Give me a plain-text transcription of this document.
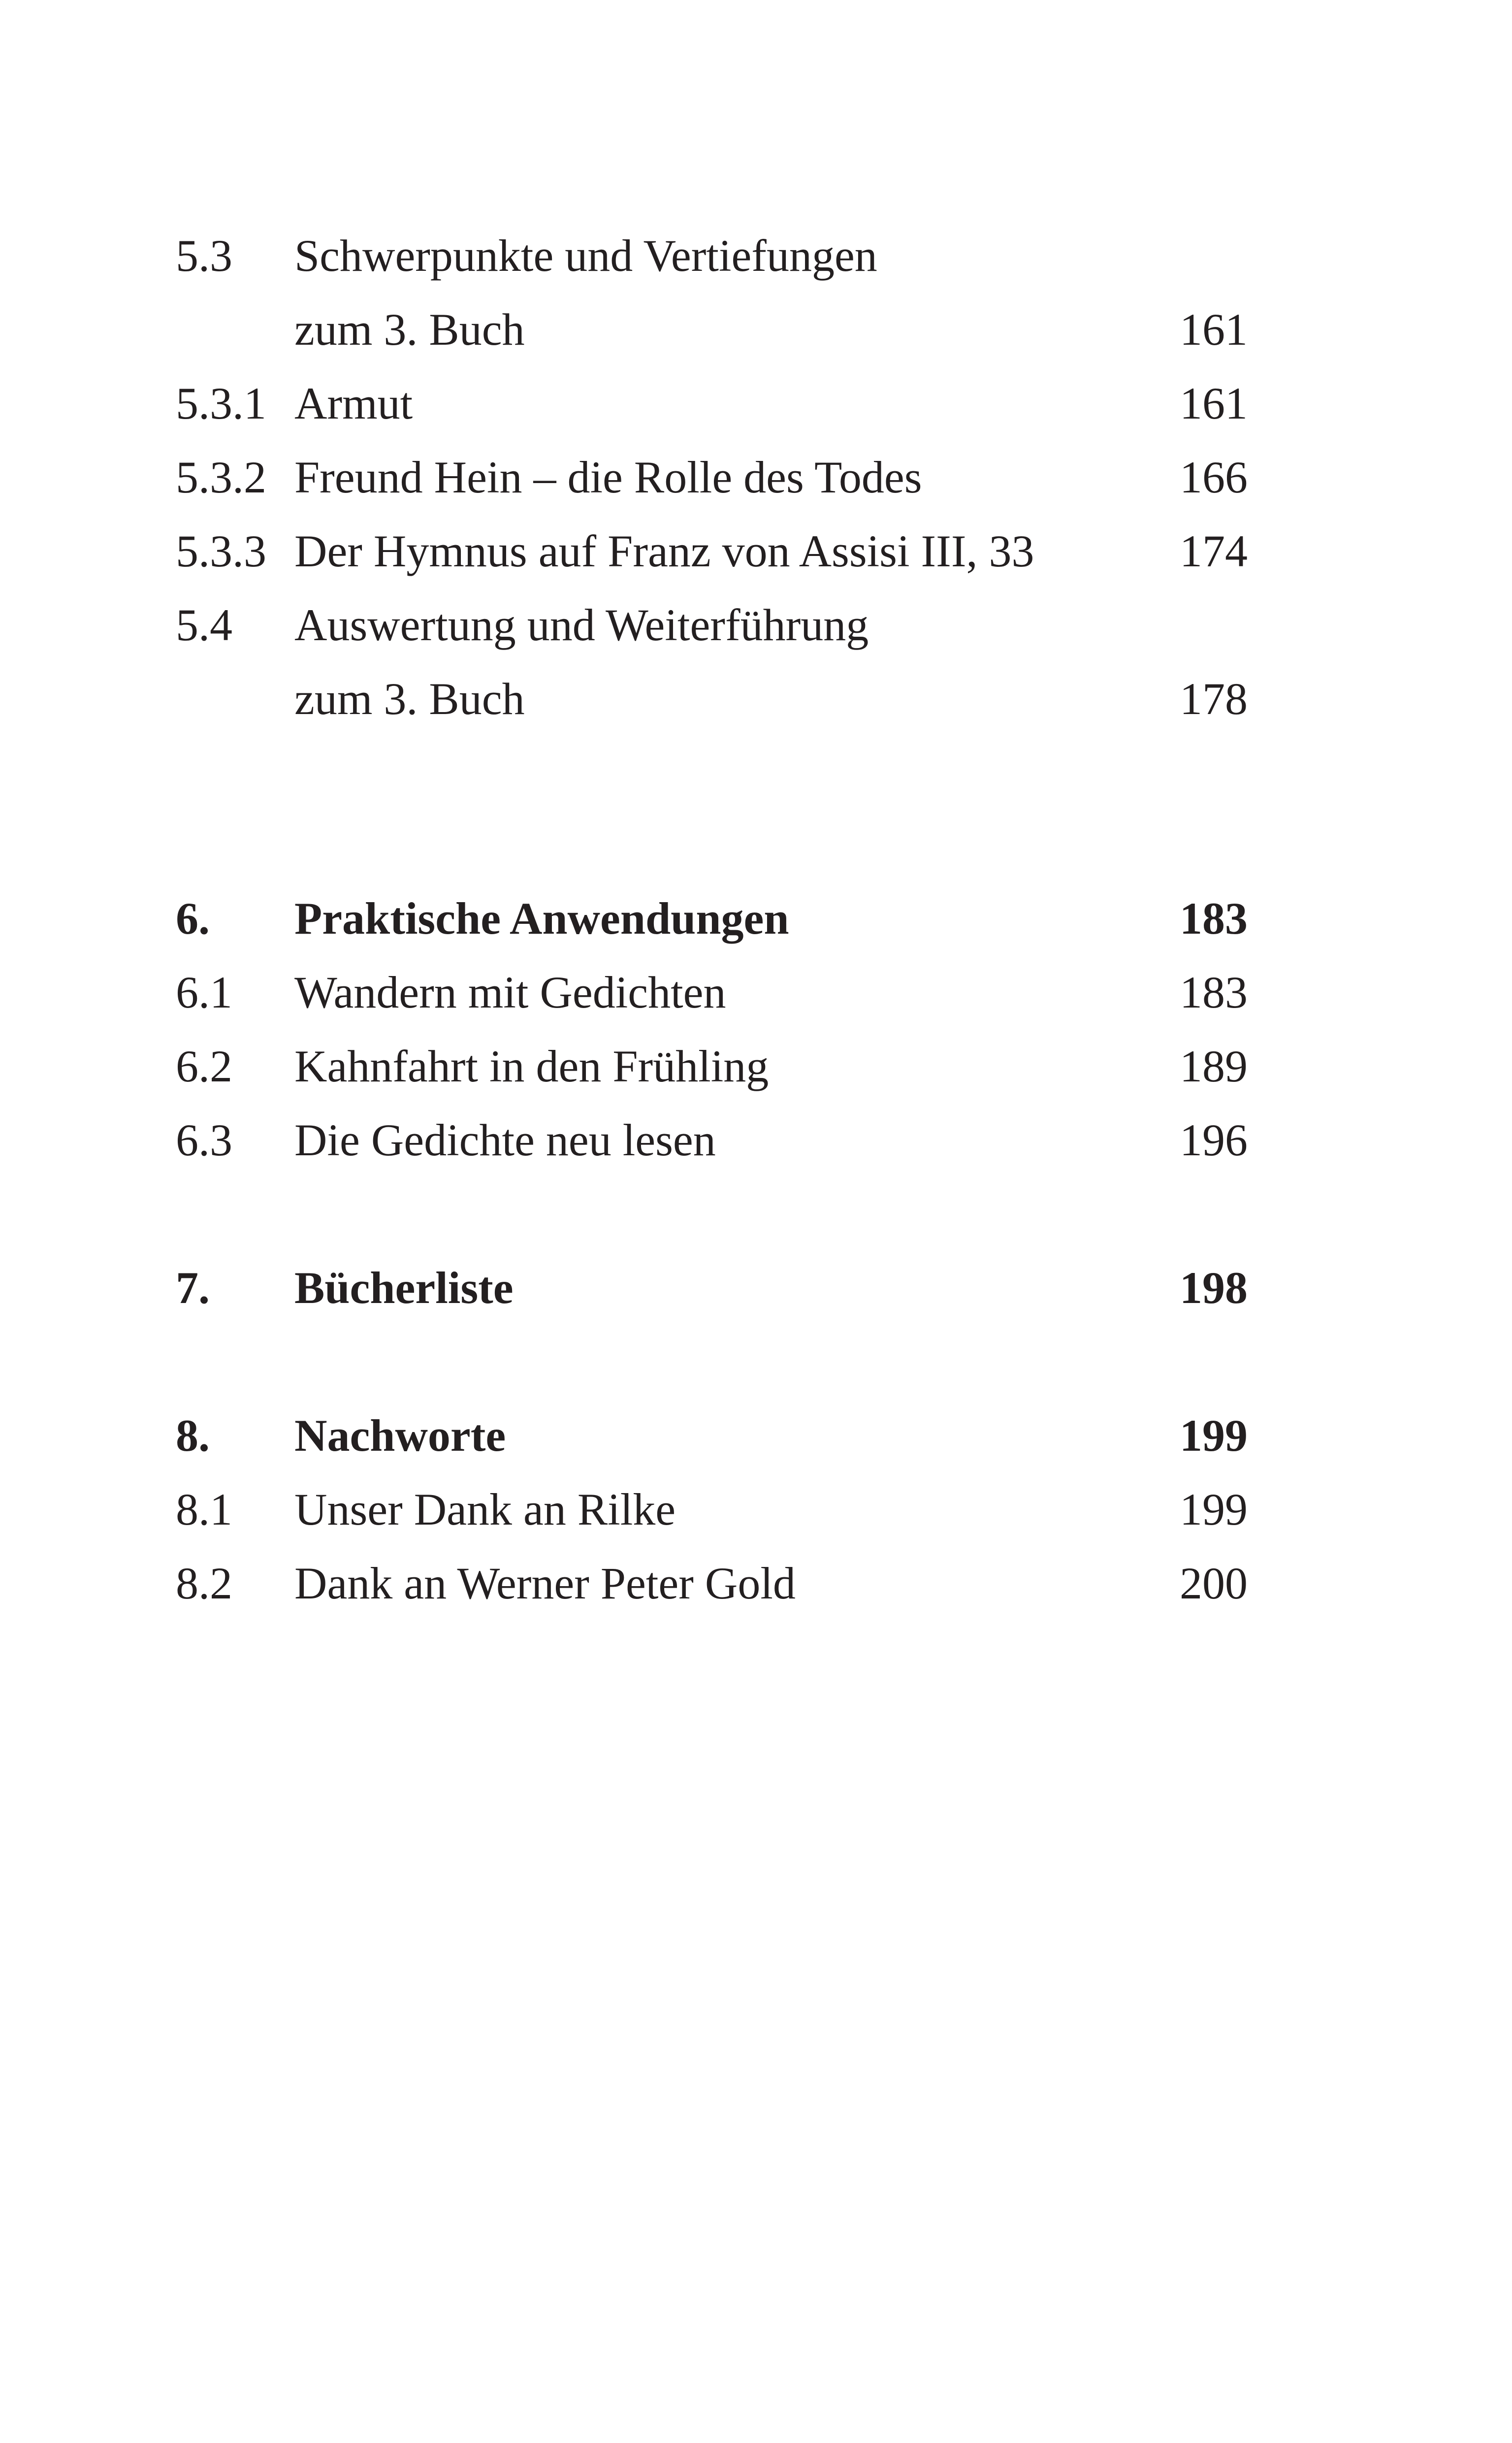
5.3 Schwerpunkte und Vertiefungen
zum 3. Buch	161
5.3.1 Armut	161
5.3.2 Freund Hein – die Rolle des Todes	166
5.3.3 Der Hymnus auf Franz von Assisi III, 33	174
5.4 Auswertung und Weiterführung
zum 3. Buch	178
6. Praktische Anwendungen	183
6.1 Wandern mit Gedichten	183
6.2 Kahnfahrt in den Frühling	189
6.3 Die Gedichte neu lesen	196
7. Bücherliste	198
8. Nachworte	199
8.1 Unser Dank an Rilke	199
8.2 Dank an Werner Peter Gold	200
